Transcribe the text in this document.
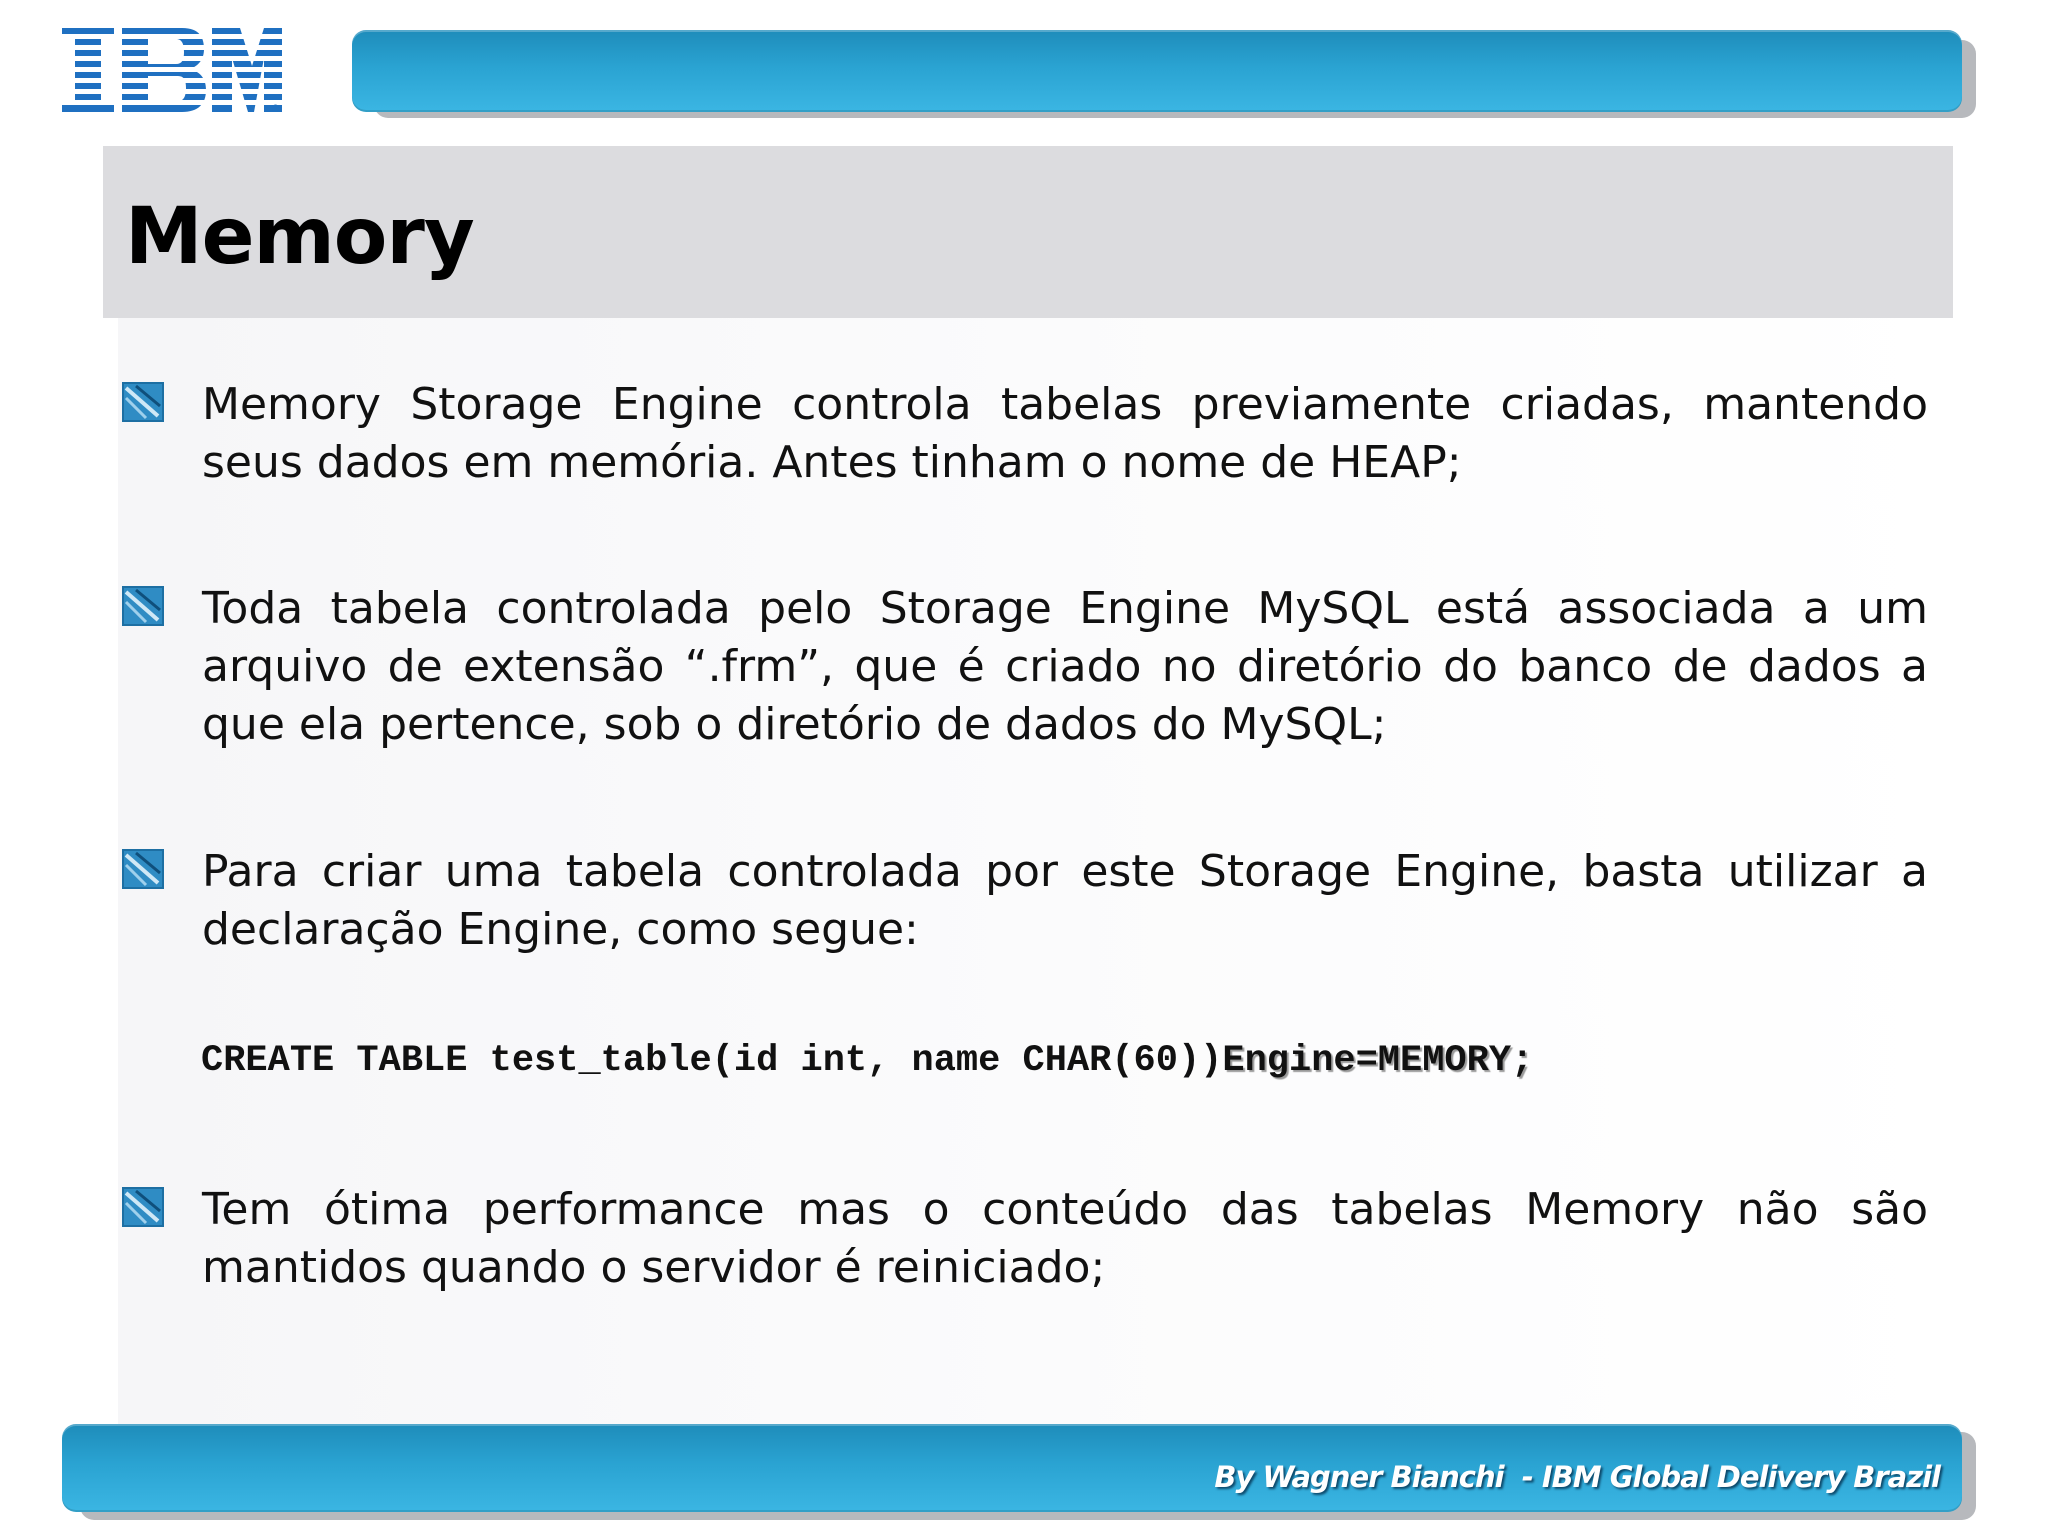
®
Memory

Memory Storage Engine controla tabelas previamente criadas, mantendo seus dados em memória. Antes tinham o nome de HEAP;

Toda tabela controlada pelo Storage Engine MySQL está associada a um arquivo de extensão “.frm”, que é criado no diretório do banco de dados a que ela pertence, sob o diretório de dados do MySQL;

Para criar uma tabela controlada por este Storage Engine, basta utilizar a declaração Engine, como segue:

CREATE TABLE test_table(id int, name CHAR(60))Engine=MEMORY;

Tem ótima performance mas o conteúdo das tabelas Memory não são mantidos quando o servidor é reiniciado;

By Wagner Bianchi  - IBM Global Delivery Brazil
